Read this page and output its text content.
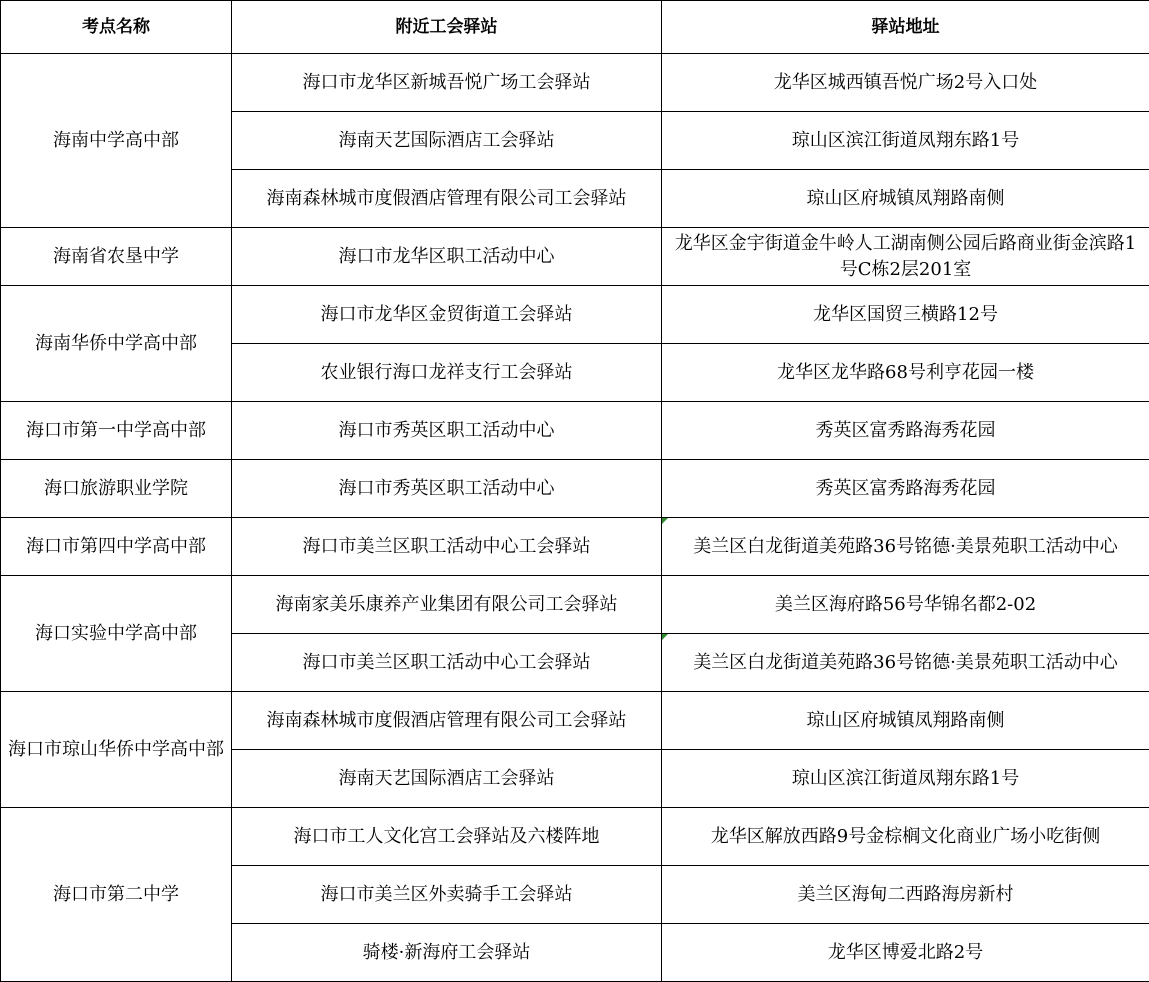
考点名称	附近工会驿站	驿站地址
海南中学高中部	海口市龙华区新城吾悦广场工会驿站	龙华区城西镇吾悦广场2号入口处
	海南天艺国际酒店工会驿站	琼山区滨江街道凤翔东路1号
	海南森林城市度假酒店管理有限公司工会驿站	琼山区府城镇凤翔路南侧
海南省农垦中学	海口市龙华区职工活动中心	龙华区金宇街道金牛岭人工湖南侧公园后路商业街金滨路1号C栋2层201室
海南华侨中学高中部	海口市龙华区金贸街道工会驿站	龙华区国贸三横路12号
	农业银行海口龙祥支行工会驿站	龙华区龙华路68号利亨花园一楼
海口市第一中学高中部	海口市秀英区职工活动中心	秀英区富秀路海秀花园
海口旅游职业学院	海口市秀英区职工活动中心	秀英区富秀路海秀花园
海口市第四中学高中部	海口市美兰区职工活动中心工会驿站	美兰区白龙街道美苑路36号铭德·美景苑职工活动中心
海口实验中学高中部	海南家美乐康养产业集团有限公司工会驿站	美兰区海府路56号华锦名都2-02
	海口市美兰区职工活动中心工会驿站	美兰区白龙街道美苑路36号铭德·美景苑职工活动中心
海口市琼山华侨中学高中部	海南森林城市度假酒店管理有限公司工会驿站	琼山区府城镇凤翔路南侧
	海南天艺国际酒店工会驿站	琼山区滨江街道凤翔东路1号
海口市第二中学	海口市工人文化宫工会驿站及六楼阵地	龙华区解放西路9号金棕榈文化商业广场小吃街侧
	海口市美兰区外卖骑手工会驿站	美兰区海甸二西路海房新村
	骑楼·新海府工会驿站	龙华区博爱北路2号
